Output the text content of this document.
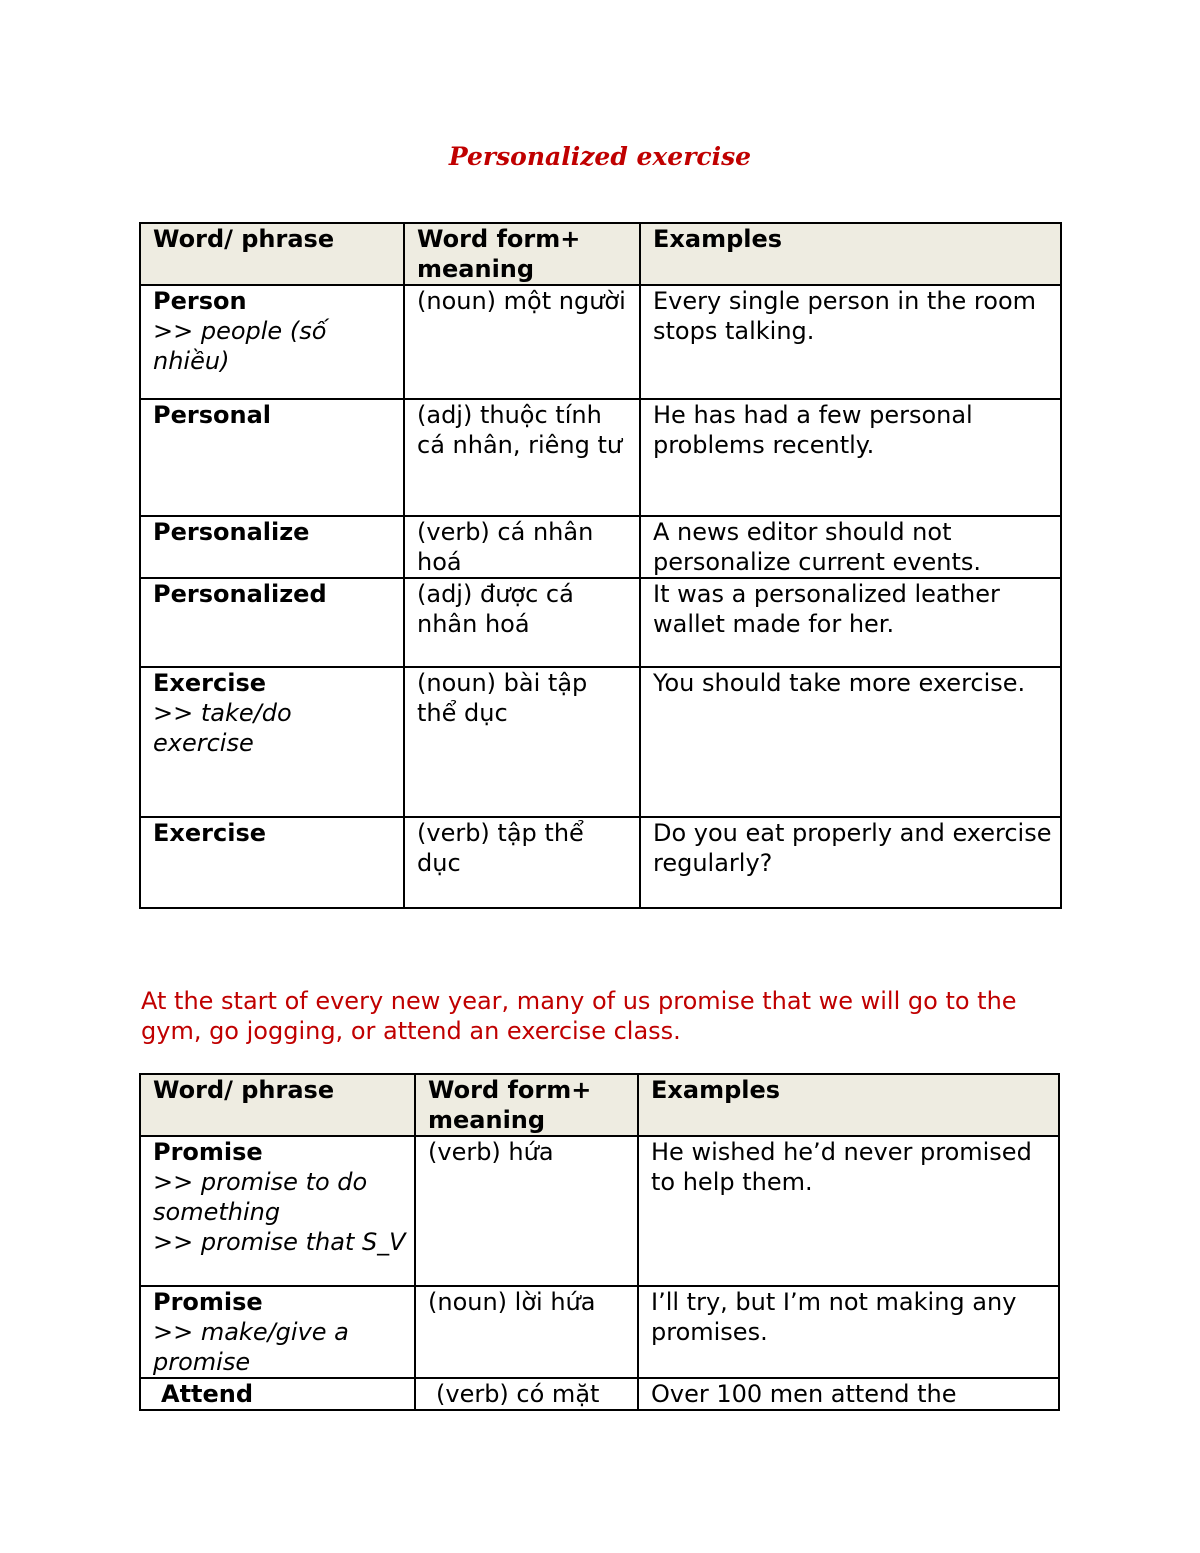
Personalized exercise
Word/ phrase	Word form+ meaning	Examples

Person
>> people (số nhiều)	(noun) một người	Every single person in the room stops talking.

Personal	(adj) thuộc tính cá nhân, riêng tư	He has had a few personal problems recently.

Personalize	(verb) cá nhân hoá	A news editor should not personalize current events.

Personalized	(adj) được cá nhân hoá	It was a personalized leather wallet made for her.

Exercise
>> take/do exercise	(noun) bài tập thể dục	You should take more exercise.

Exercise	(verb) tập thể dục	Do you eat properly and exercise regularly?

At the start of every new year, many of us promise that we will go to the gym, go jogging, or attend an exercise class.

Word/ phrase	Word form+ meaning	Examples

Promise
>> promise to do something
>> promise that S_V	(verb) hứa	He wished he’d never promised to help them.

Promise
>> make/give a promise	(noun) lời hứa	I’ll try, but I’m not making any promises.

Attend	(verb) có mặt	Over 100 men attend the
